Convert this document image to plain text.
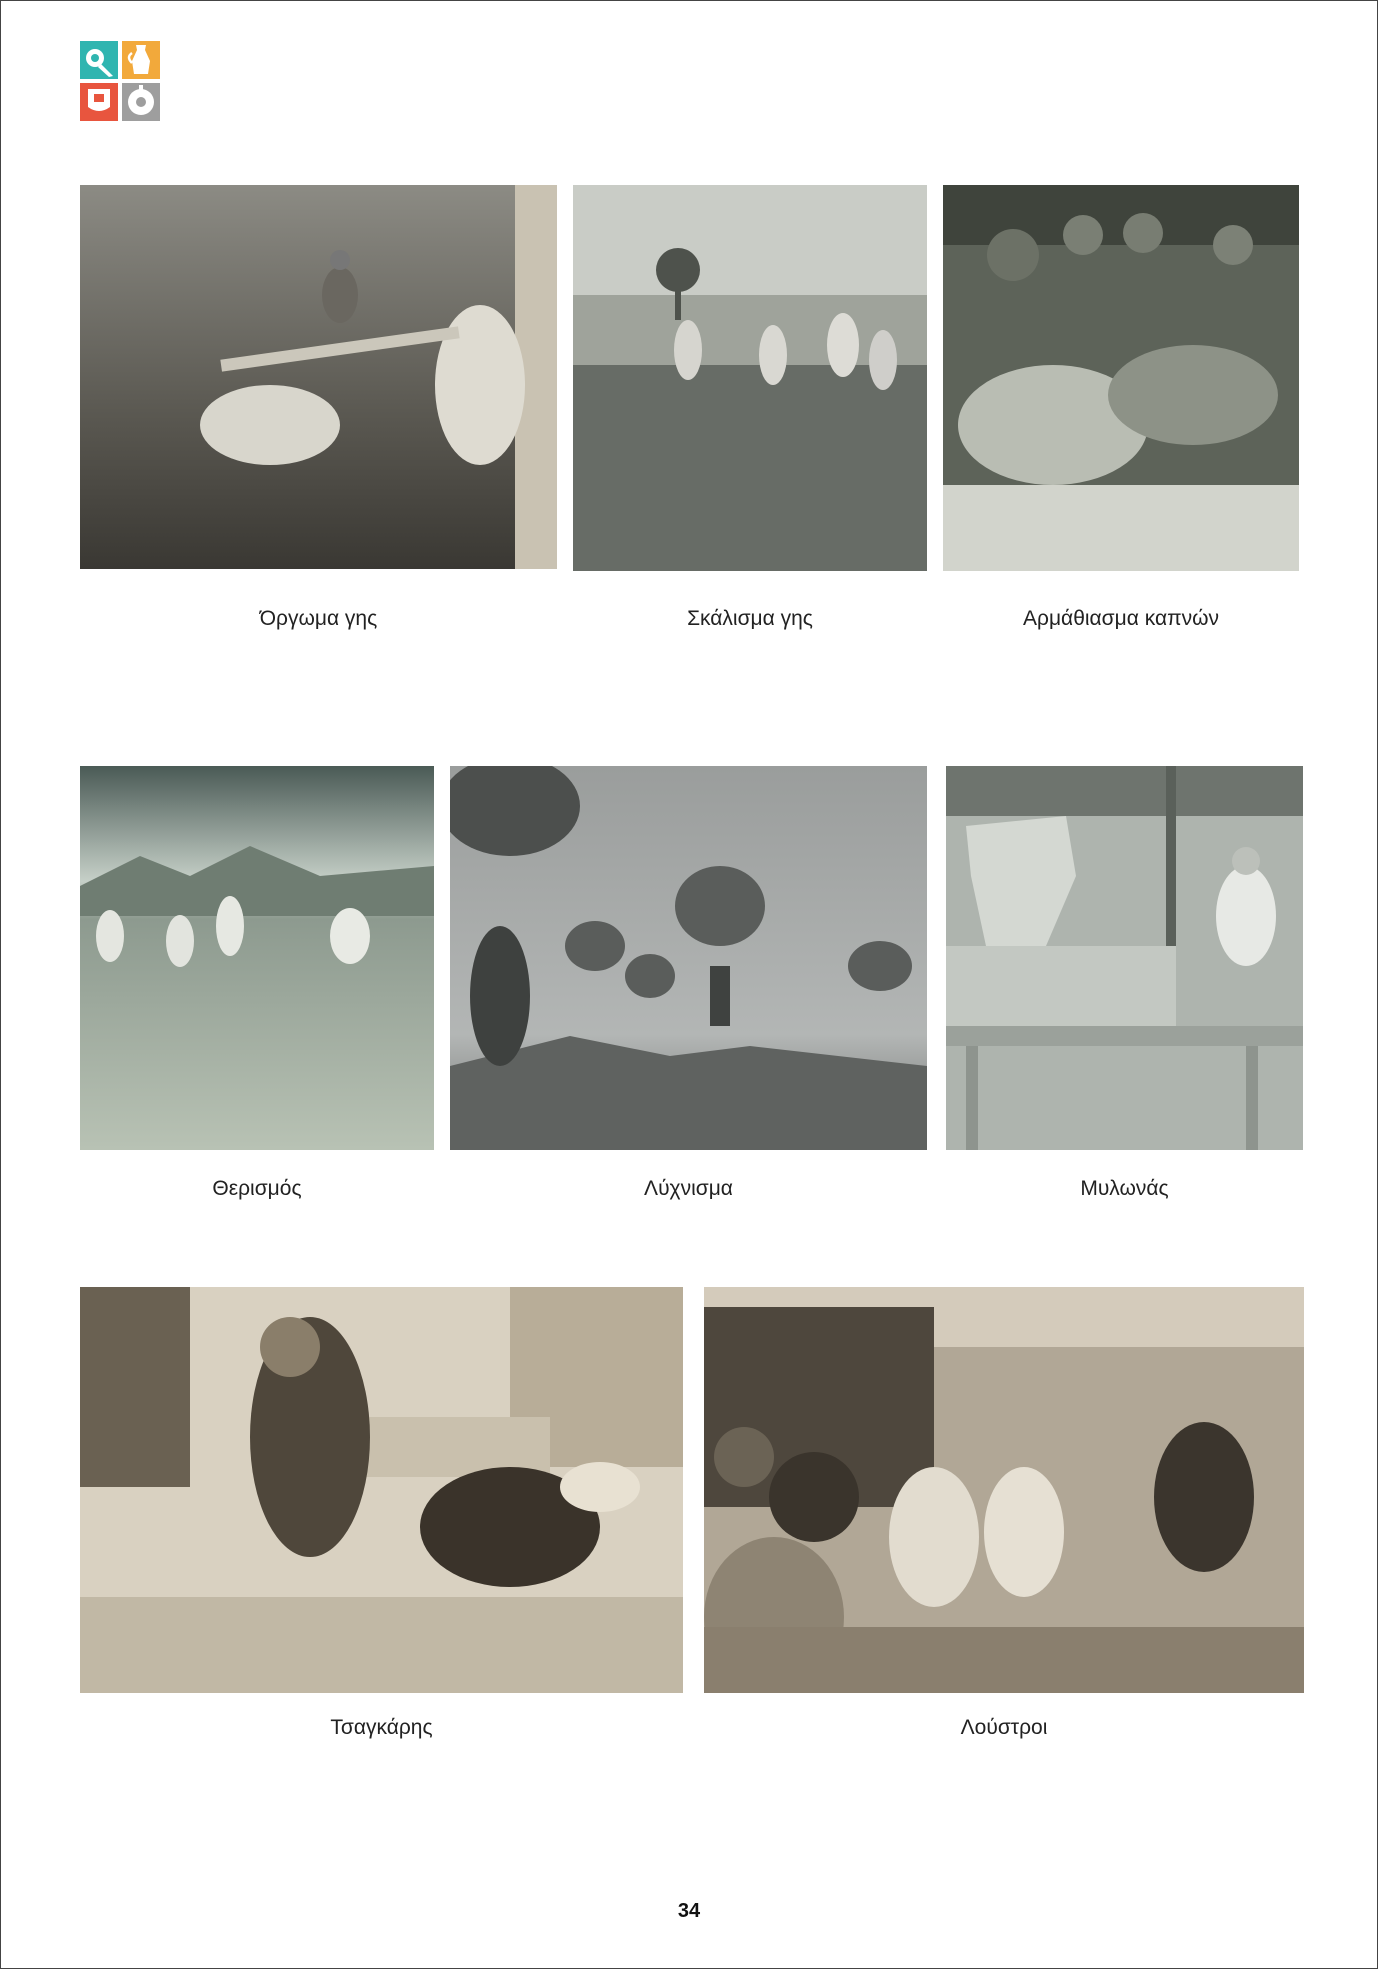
Όργωμα γης	Σκάλισμα γης	Αρμάθιασμα καπνών
Θερισμός	Λύχνισμα	Μυλωνάς
Τσαγκάρης	Λούστροι
34
